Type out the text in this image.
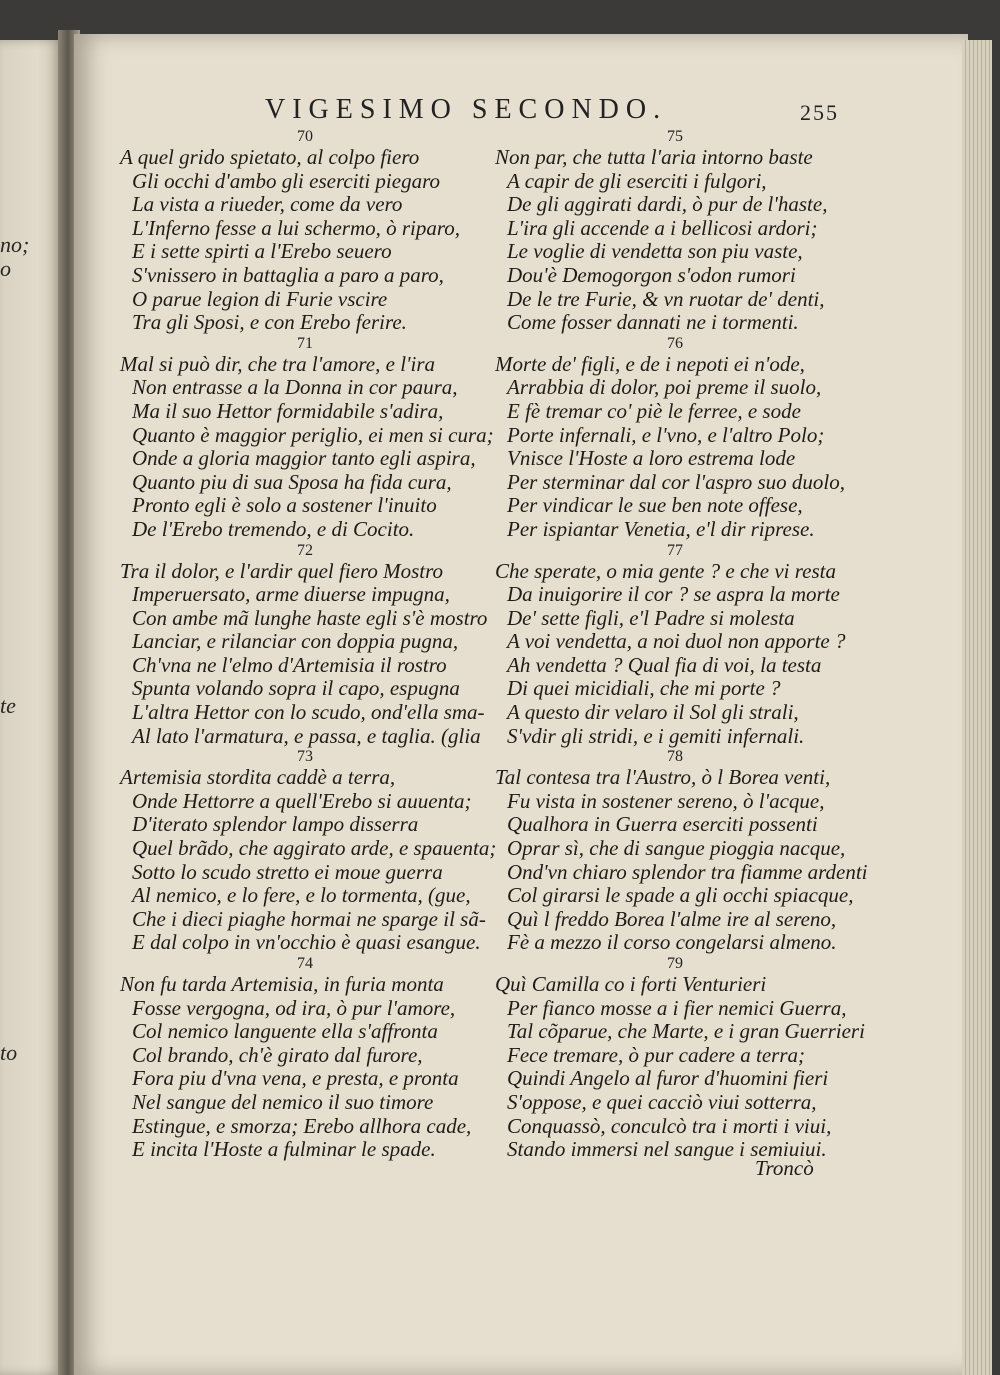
no;
o
te
to
VIGESIMO SECONDO.	255
70
A quel grido spietato, al colpo fiero
Gli occhi d'ambo gli eserciti piegaro
La vista a riueder, come da vero
L'Inferno fesse a lui schermo, ò riparo,
E i sette spirti a l'Erebo seuero
S'vnissero in battaglia a paro a paro,
O parue legion di Furie vscire
Tra gli Sposi, e con Erebo ferire.
71
Mal si può dir, che tra l'amore, e l'ira
Non entrasse a la Donna in cor paura,
Ma il suo Hettor formidabile s'adira,
Quanto è maggior periglio, ei men si cura;
Onde a gloria maggior tanto egli aspira,
Quanto piu di sua Sposa ha fida cura,
Pronto egli è solo a sostener l'inuito
De l'Erebo tremendo, e di Cocito.
72
Tra il dolor, e l'ardir quel fiero Mostro
Imperuersato, arme diuerse impugna,
Con ambe mã lunghe haste egli s'è mostro
Lanciar, e rilanciar con doppia pugna,
Ch'vna ne l'elmo d'Artemisia il rostro
Spunta volando sopra il capo, espugna
L'altra Hettor con lo scudo, ond'ella sma-
Al lato l'armatura, e passa, e taglia. (glia
73
Artemisia stordita caddè a terra,
Onde Hettorre a quell'Erebo si auuenta;
D'iterato splendor lampo disserra
Quel brãdo, che aggirato arde, e spauenta;
Sotto lo scudo stretto ei moue guerra
Al nemico, e lo fere, e lo tormenta, (gue,
Che i dieci piaghe hormai ne sparge il sã-
E dal colpo in vn'occhio è quasi esangue.
74
Non fu tarda Artemisia, in furia monta
Fosse vergogna, od ira, ò pur l'amore,
Col nemico languente ella s'affronta
Col brando, ch'è girato dal furore,
Fora piu d'vna vena, e presta, e pronta
Nel sangue del nemico il suo timore
Estingue, e smorza; Erebo allhora cade,
E incita l'Hoste a fulminar le spade.
75
Non par, che tutta l'aria intorno baste
A capir de gli eserciti i fulgori,
De gli aggirati dardi, ò pur de l'haste,
L'ira gli accende a i bellicosi ardori;
Le voglie di vendetta son piu vaste,
Dou'è Demogorgon s'odon rumori
De le tre Furie, & vn ruotar de' denti,
Come fosser dannati ne i tormenti.
76
Morte de' figli, e de i nepoti ei n'ode,
Arrabbia di dolor, poi preme il suolo,
E fè tremar co' piè le ferree, e sode
Porte infernali, e l'vno, e l'altro Polo;
Vnisce l'Hoste a loro estrema lode
Per sterminar dal cor l'aspro suo duolo,
Per vindicar le sue ben note offese,
Per ispiantar Venetia, e'l dir riprese.
77
Che sperate, o mia gente ? e che vi resta
Da inuigorire il cor ? se aspra la morte
De' sette figli, e'l Padre si molesta
A voi vendetta, a noi duol non apporte ?
Ah vendetta ? Qual fia di voi, la testa
Di quei micidiali, che mi porte ?
A questo dir velaro il Sol gli strali,
S'vdir gli stridi, e i gemiti infernali.
78
Tal contesa tra l'Austro, ò l Borea venti,
Fu vista in sostener sereno, ò l'acque,
Qualhora in Guerra eserciti possenti
Oprar sì, che di sangue pioggia nacque,
Ond'vn chiaro splendor tra fiamme ardenti
Col girarsi le spade a gli occhi spiacque,
Quì l freddo Borea l'alme ire al sereno,
Fè a mezzo il corso congelarsi almeno.
79
Quì Camilla co i forti Venturieri
Per fianco mosse a i fier nemici Guerra,
Tal cõparue, che Marte, e i gran Guerrieri
Fece tremare, ò pur cadere a terra;
Quindi Angelo al furor d'huomini fieri
S'oppose, e quei cacciò viui sotterra,
Conquassò, conculcò tra i morti i viui,
Stando immersi nel sangue i semiuiui.
Troncò
